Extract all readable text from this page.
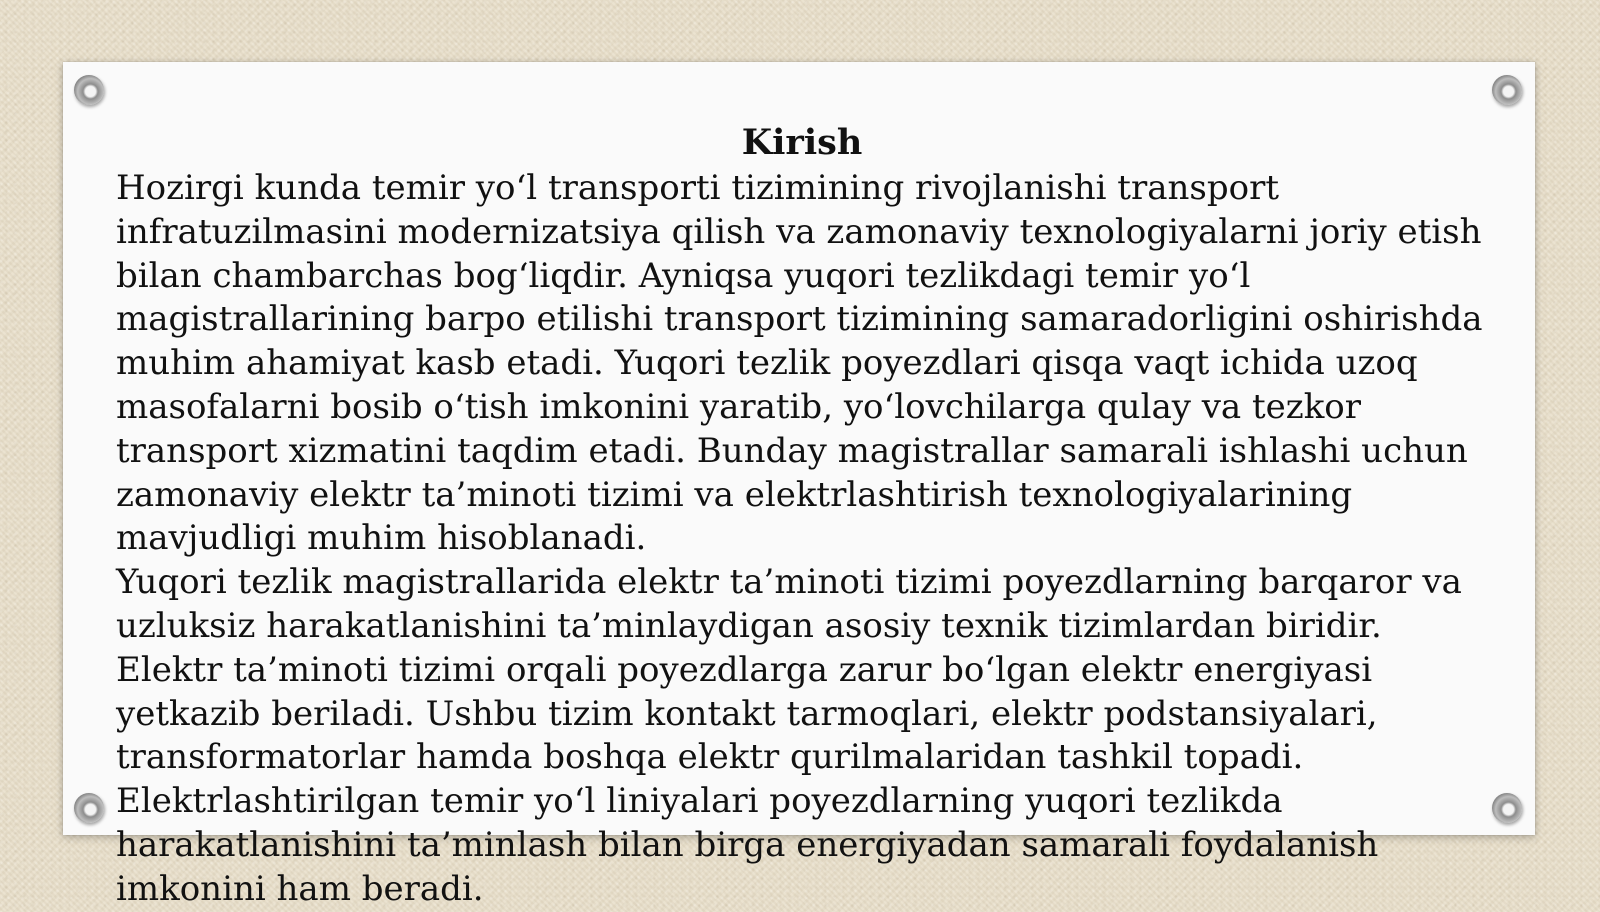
Kirish

Hozirgi kunda temir yo‘l transporti tizimining rivojlanishi transport infratuzilmasini modernizatsiya qilish va zamonaviy texnologiyalarni joriy etish bilan chambarchas bog‘liqdir. Ayniqsa yuqori tezlikdagi temir yo‘l magistrallarining barpo etilishi transport tizimining samaradorligini oshirishda muhim ahamiyat kasb etadi. Yuqori tezlik poyezdlari qisqa vaqt ichida uzoq masofalarni bosib o‘tish imkonini yaratib, yo‘lovchilarga qulay va tezkor transport xizmatini taqdim etadi. Bunday magistrallar samarali ishlashi uchun zamonaviy elektr ta’minoti tizimi va elektrlashtirish texnologiyalarining mavjudligi muhim hisoblanadi.

Yuqori tezlik magistrallarida elektr ta’minoti tizimi poyezdlarning barqaror va uzluksiz harakatlanishini ta’minlaydigan asosiy texnik tizimlardan biridir. Elektr ta’minoti tizimi orqali poyezdlarga zarur bo‘lgan elektr energiyasi yetkazib beriladi. Ushbu tizim kontakt tarmoqlari, elektr podstansiyalari, transformatorlar hamda boshqa elektr qurilmalaridan tashkil topadi. Elektrlashtirilgan temir yo‘l liniyalari poyezdlarning yuqori tezlikda harakatlanishini ta’minlash bilan birga energiyadan samarali foydalanish imkonini ham beradi.
